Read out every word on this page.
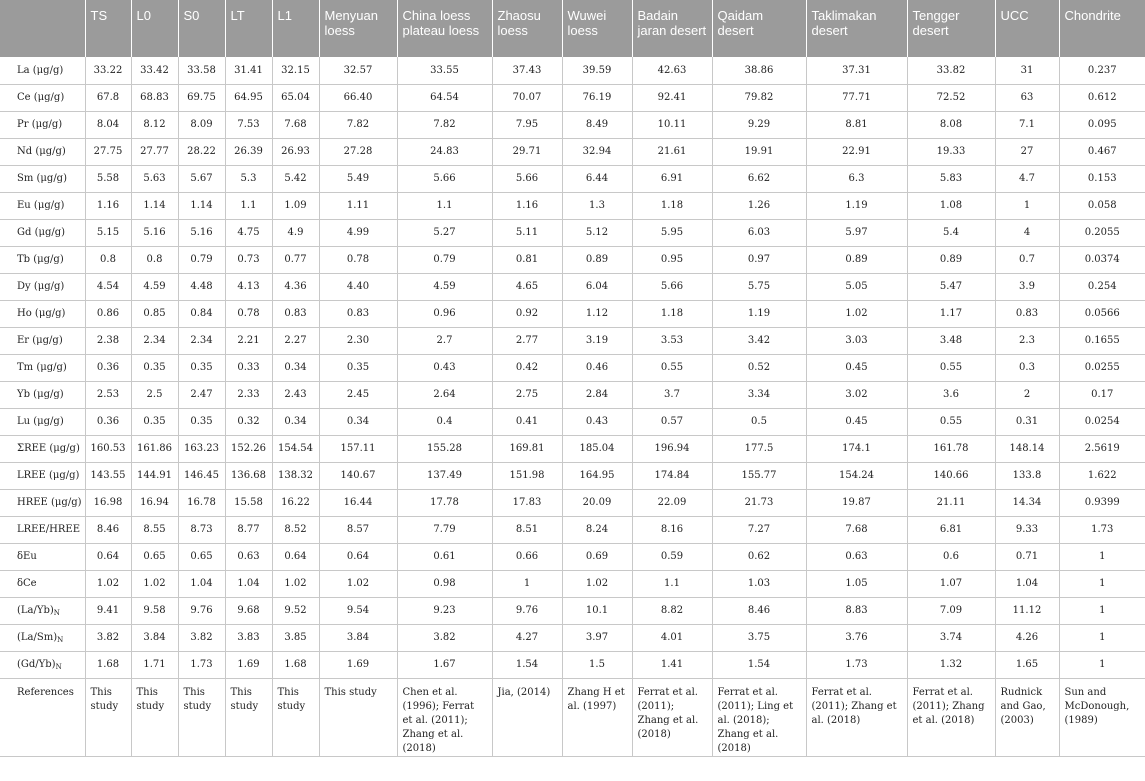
	TS	L0	S0	LT	L1	Menyuan loess	China loess plateau loess	Zhaosu loess	Wuwei loess	Badain jaran desert	Qaidam desert	Taklimakan desert	Tengger desert	UCC	Chondrite
La (μg/g)	33.22	33.42	33.58	31.41	32.15	32.57	33.55	37.43	39.59	42.63	38.86	37.31	33.82	31	0.237
Ce (μg/g)	67.8	68.83	69.75	64.95	65.04	66.40	64.54	70.07	76.19	92.41	79.82	77.71	72.52	63	0.612
Pr (μg/g)	8.04	8.12	8.09	7.53	7.68	7.82	7.82	7.95	8.49	10.11	9.29	8.81	8.08	7.1	0.095
Nd (μg/g)	27.75	27.77	28.22	26.39	26.93	27.28	24.83	29.71	32.94	21.61	19.91	22.91	19.33	27	0.467
Sm (μg/g)	5.58	5.63	5.67	5.3	5.42	5.49	5.66	5.66	6.44	6.91	6.62	6.3	5.83	4.7	0.153
Eu (μg/g)	1.16	1.14	1.14	1.1	1.09	1.11	1.1	1.16	1.3	1.18	1.26	1.19	1.08	1	0.058
Gd (μg/g)	5.15	5.16	5.16	4.75	4.9	4.99	5.27	5.11	5.12	5.95	6.03	5.97	5.4	4	0.2055
Tb (μg/g)	0.8	0.8	0.79	0.73	0.77	0.78	0.79	0.81	0.89	0.95	0.97	0.89	0.89	0.7	0.0374
Dy (μg/g)	4.54	4.59	4.48	4.13	4.36	4.40	4.59	4.65	6.04	5.66	5.75	5.05	5.47	3.9	0.254
Ho (μg/g)	0.86	0.85	0.84	0.78	0.83	0.83	0.96	0.92	1.12	1.18	1.19	1.02	1.17	0.83	0.0566
Er (μg/g)	2.38	2.34	2.34	2.21	2.27	2.30	2.7	2.77	3.19	3.53	3.42	3.03	3.48	2.3	0.1655
Tm (μg/g)	0.36	0.35	0.35	0.33	0.34	0.35	0.43	0.42	0.46	0.55	0.52	0.45	0.55	0.3	0.0255
Yb (μg/g)	2.53	2.5	2.47	2.33	2.43	2.45	2.64	2.75	2.84	3.7	3.34	3.02	3.6	2	0.17
Lu (μg/g)	0.36	0.35	0.35	0.32	0.34	0.34	0.4	0.41	0.43	0.57	0.5	0.45	0.55	0.31	0.0254
ΣREE (μg/g)	160.53	161.86	163.23	152.26	154.54	157.11	155.28	169.81	185.04	196.94	177.5	174.1	161.78	148.14	2.5619
LREE (μg/g)	143.55	144.91	146.45	136.68	138.32	140.67	137.49	151.98	164.95	174.84	155.77	154.24	140.66	133.8	1.622
HREE (μg/g)	16.98	16.94	16.78	15.58	16.22	16.44	17.78	17.83	20.09	22.09	21.73	19.87	21.11	14.34	0.9399
LREE/HREE	8.46	8.55	8.73	8.77	8.52	8.57	7.79	8.51	8.24	8.16	7.27	7.68	6.81	9.33	1.73
δEu	0.64	0.65	0.65	0.63	0.64	0.64	0.61	0.66	0.69	0.59	0.62	0.63	0.6	0.71	1
δCe	1.02	1.02	1.04	1.04	1.02	1.02	0.98	1	1.02	1.1	1.03	1.05	1.07	1.04	1
$(La/Yb)_N$	9.41	9.58	9.76	9.68	9.52	9.54	9.23	9.76	10.1	8.82	8.46	8.83	7.09	11.12	1
$(La/Sm)_N$	3.82	3.84	3.82	3.83	3.85	3.84	3.82	4.27	3.97	4.01	3.75	3.76	3.74	4.26	1
$(Gd/Yb)_N$	1.68	1.71	1.73	1.69	1.68	1.69	1.67	1.54	1.5	1.41	1.54	1.73	1.32	1.65	1
References	This study	This study	This study	This study	This study	This study	Chen et al. (1996); Ferrat et al. (2011); Zhang et al. (2018)	Jia, (2014)	Zhang H et al. (1997)	Ferrat et al. (2011); Zhang et al. (2018)	Ferrat et al. (2011); Ling et al. (2018); Zhang et al. (2018)	Ferrat et al. (2011); Zhang et al. (2018)	Ferrat et al. (2011); Zhang et al. (2018)	Rudnick and Gao, (2003)	Sun and McDonough, (1989)
